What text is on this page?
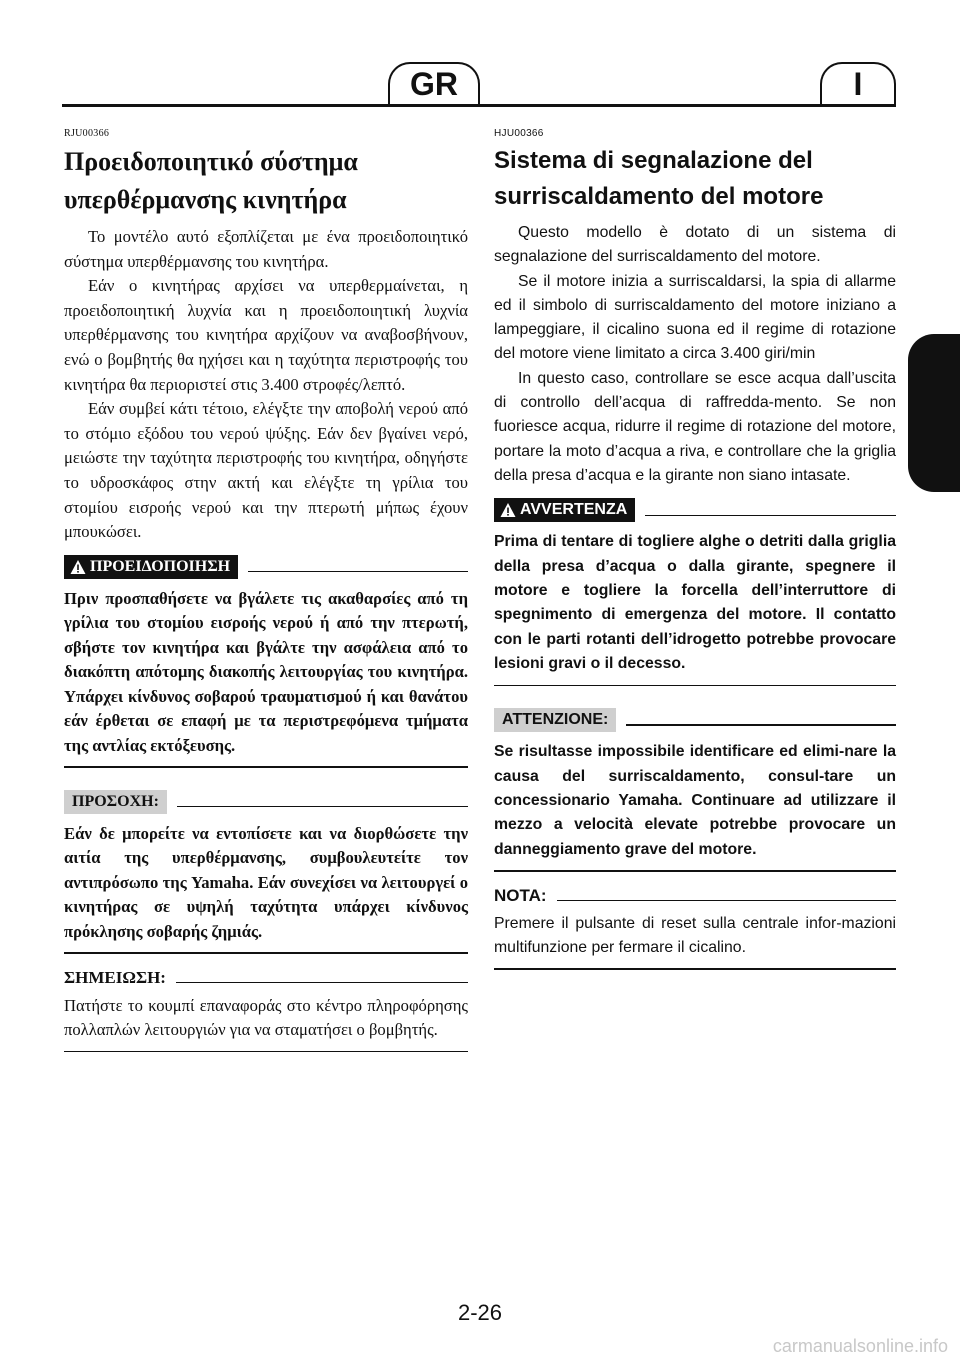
GR	I
RJU00366
Προειδοποιητικό σύστημα
υπερθέρμανσης κινητήρα

Το μοντέλο αυτό εξοπλίζεται με ένα προειδοποιητικό σύστημα υπερθέρμανσης του κινητήρα.

Εάν ο κινητήρας αρχίσει να υπερθερμαίνεται, η προειδοποιητική λυχνία και η προειδοποιητική λυχνία υπερθέρμανσης του κινητήρα αρχίζουν να αναβοσβήνουν, ενώ ο βομβητής θα ηχήσει και η ταχύτητα περιστροφής του κινητήρα θα περιοριστεί στις 3.400 στροφές/λεπτό.

Εάν συμβεί κάτι τέτοιο, ελέγξτε την αποβολή νερού από το στόμιο εξόδου του νερού ψύξης. Εάν δεν βγαίνει νερό, μειώστε την ταχύτητα περιστροφής του κινητήρα, οδηγήστε το υδροσκάφος στην ακτή και ελέγξτε τη γρίλια του στομίου εισροής νερού και την πτερωτή μήπως έχουν μπουκώσει.

ΠΡΟΕΙΔΟΠΟΙΗΣΗ

Πριν προσπαθήσετε να βγάλετε τις ακαθαρσίες από τη γρίλια του στομίου εισροής νερού ή από την πτερωτή, σβήστε τον κινητήρα και βγάλτε την ασφάλεια από το διακόπτη απότομης διακοπής λειτουργίας του κινητήρα. Υπάρχει κίνδυνος σοβαρού τραυματισμού ή και θανάτου εάν έρθεται σε επαφή με τα περιστρεφόμενα τμήματα της αντλίας εκτόξευσης.

ΠΡΟΣΟΧΗ:

Εάν δε μπορείτε να εντοπίσετε και να διορθώσετε την αιτία της υπερθέρμανσης, συμβουλευτείτε τον αντιπρόσωπο της Yamaha. Εάν συνεχίσει να λειτουργεί ο κινητήρας σε υψηλή ταχύτητα υπάρχει κίνδυνος πρόκλησης σοβαρής ζημιάς.

ΣΗΜΕΙΩΣΗ:

Πατήστε το κουμπί επαναφοράς στο κέντρο πληροφόρησης πολλαπλών λειτουργιών για να σταματήσει ο βομβητής.

HJU00366
Sistema di segnalazione del
surriscaldamento del motore

Questo modello è dotato di un sistema di segnalazione del surriscaldamento del motore.

Se il motore inizia a surriscaldarsi, la spia di allarme ed il simbolo di surriscaldamento del motore iniziano a lampeggiare, il cicalino suona ed il regime di rotazione del motore viene limitato a circa 3.400 giri/min

In questo caso, controllare se esce acqua dall’uscita di controllo dell’acqua di raffredda-mento. Se non fuoriesce acqua, ridurre il regime di rotazione del motore, portare la moto d’acqua a riva, e controllare che la griglia della presa d’acqua e la girante non siano intasate.

AVVERTENZA

Prima di tentare di togliere alghe o detriti dalla griglia della presa d’acqua o dalla girante, spegnere il motore e togliere la forcella dell’interruttore di spegnimento di emergenza del motore. Il contatto con le parti rotanti dell’idrogetto potrebbe provocare lesioni gravi o il decesso.

ATTENZIONE:

Se risultasse impossibile identificare ed elimi-nare la causa del surriscaldamento, consul-tare un concessionario Yamaha. Continuare ad utilizzare il mezzo a velocità elevate potrebbe provocare un danneggiamento grave del motore.

NOTA:

Premere il pulsante di reset sulla centrale infor-mazioni multifunzione per fermare il cicalino.

2-26
carmanualsonline.info
